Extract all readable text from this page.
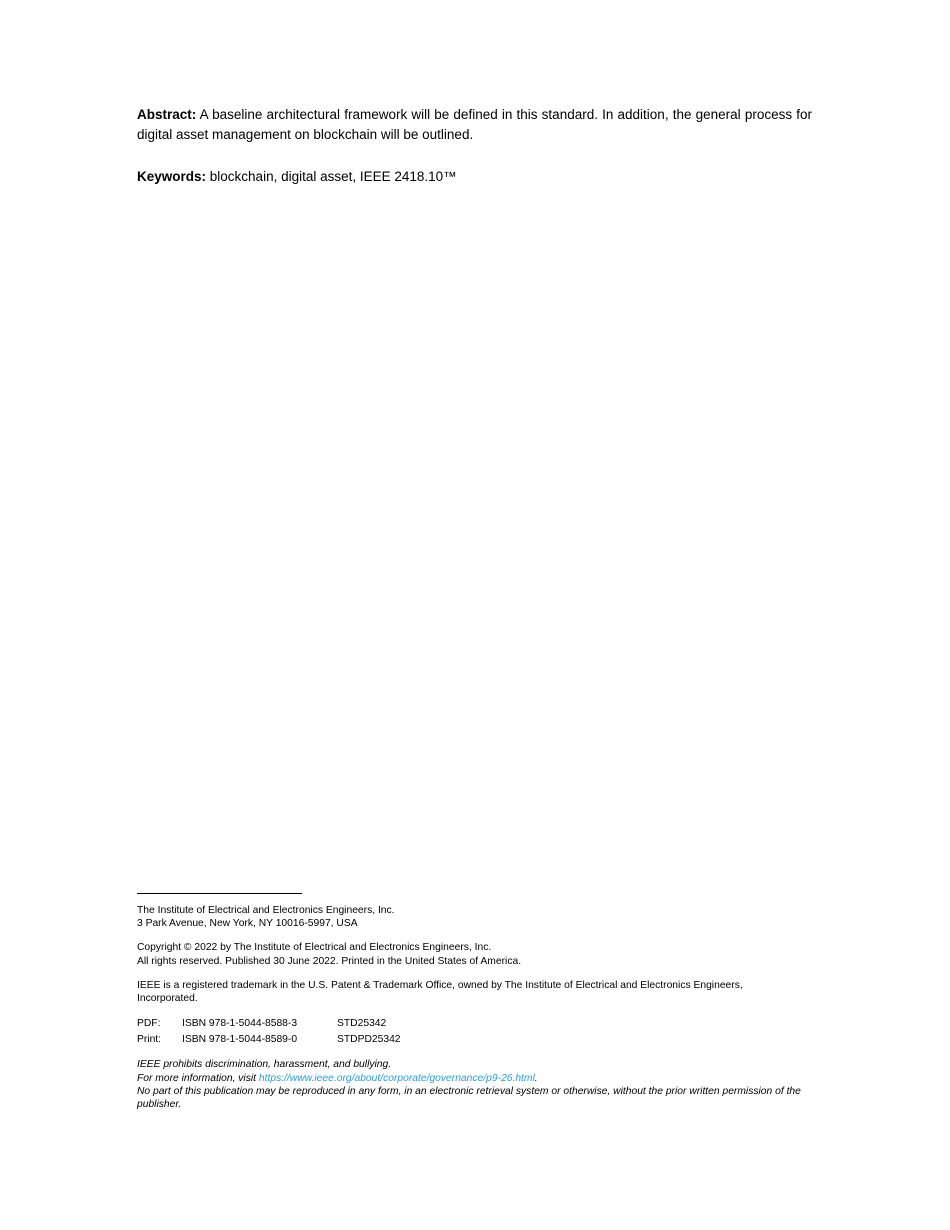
Abstract: A baseline architectural framework will be defined in this standard. In addition, the general process for digital asset management on blockchain will be outlined.

Keywords: blockchain, digital asset, IEEE 2418.10™

The Institute of Electrical and Electronics Engineers, Inc.

3 Park Avenue, New York, NY 10016-5997, USA

Copyright © 2022 by The Institute of Electrical and Electronics Engineers, Inc.

All rights reserved. Published 30 June 2022. Printed in the United States of America.

IEEE is a registered trademark in the U.S. Patent & Trademark Office, owned by The Institute of Electrical and Electronics Engineers,

Incorporated.

PDF:	ISBN 978-1-5044-8588-3	STD25342
Print:	ISBN 978-1-5044-8589-0	STDPD25342

IEEE prohibits discrimination, harassment, and bullying.

For more information, visit https://www.ieee.org/about/corporate/governance/p9-26.html.

No part of this publication may be reproduced in any form, in an electronic retrieval system or otherwise, without the prior written permission of the publisher.
